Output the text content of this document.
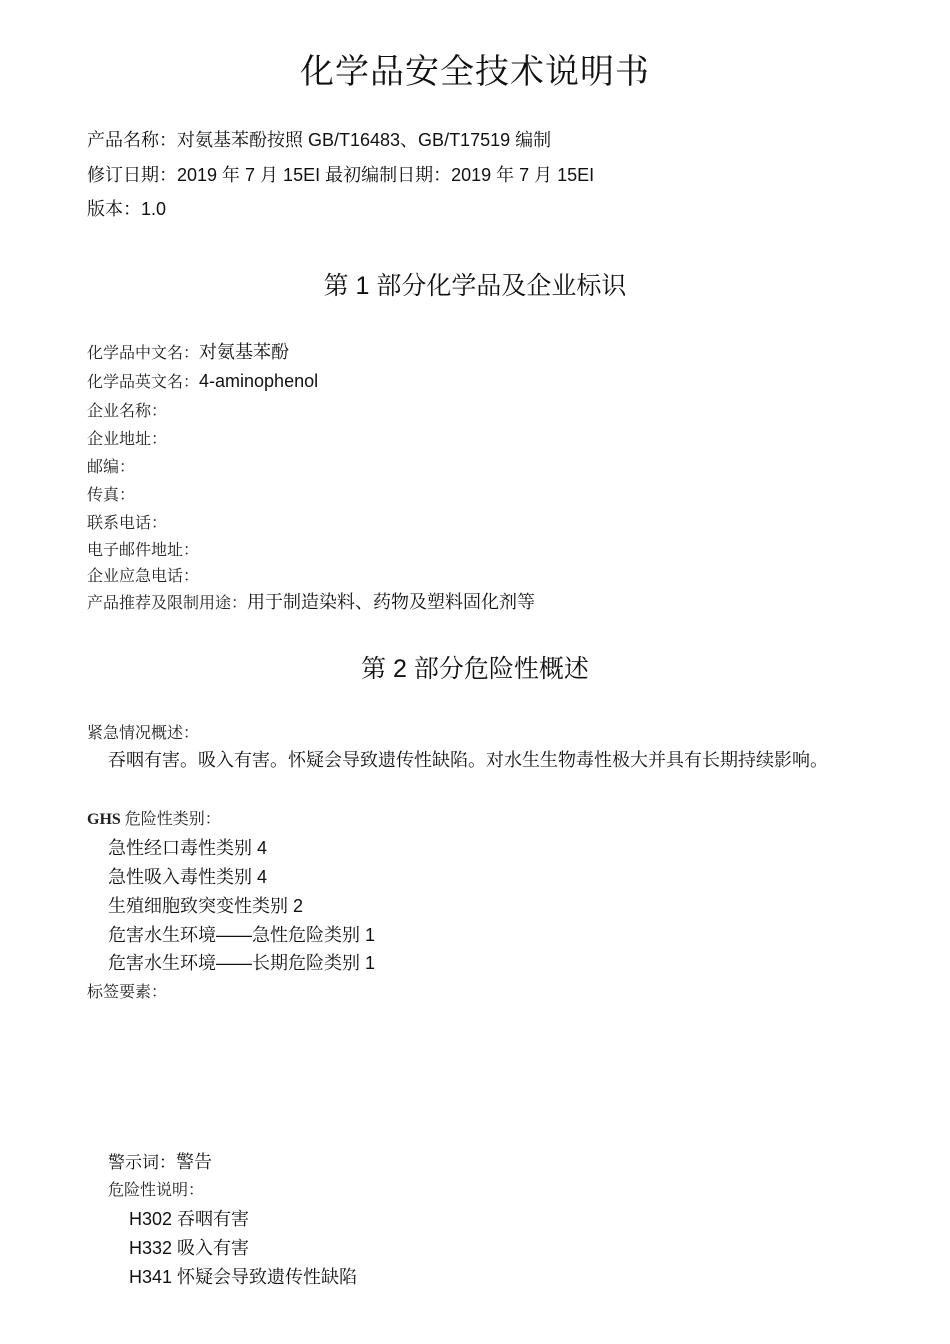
化学品安全技术说明书
产品名称：对氨基苯酚按照 GB/T16483、GB/T17519 编制
修订日期：2019 年 7 月 15EI 最初编制日期：2019 年 7 月 15EI
版本：1.0
第 1 部分化学品及企业标识
化学品中文名：对氨基苯酚
化学品英文名：4-aminophenol
企业名称：
企业地址：
邮编：
传真：
联系电话：
电子邮件地址：
企业应急电话：
产品推荐及限制用途：用于制造染料、药物及塑料固化剂等
第 2 部分危险性概述
紧急情况概述：
吞咽有害。吸入有害。怀疑会导致遗传性缺陷。对水生生物毒性极大并具有长期持续影响。
GHS 危险性类别：
急性经口毒性类别 4
急性吸入毒性类别 4
生殖细胞致突变性类别 2
危害水生环境——急性危险类别 1
危害水生环境——长期危险类别 1
标签要素：
警示词：警告
危险性说明：
H302 吞咽有害
H332 吸入有害
H341 怀疑会导致遗传性缺陷
